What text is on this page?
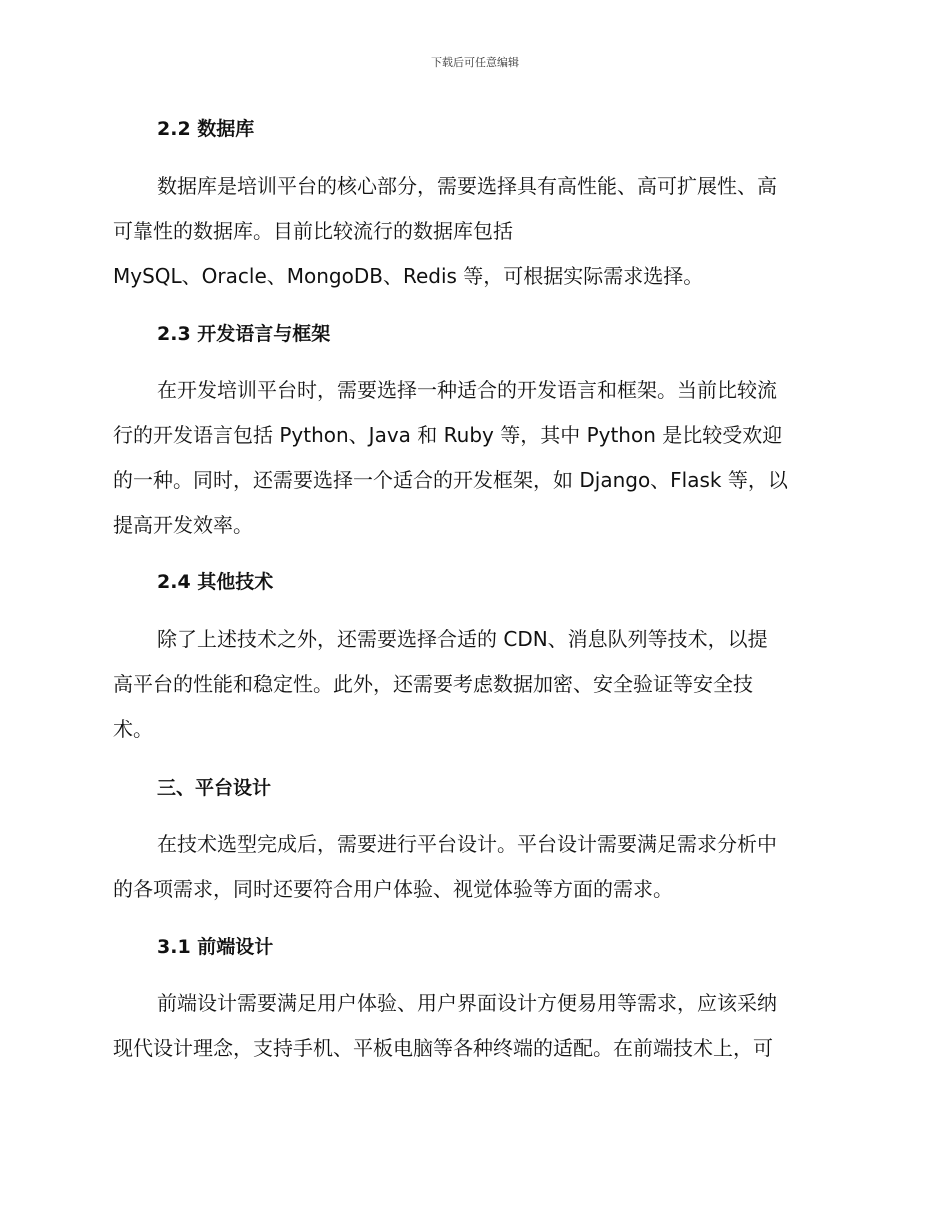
下载后可任意编辑
2.2 数据库
数据库是培训平台的核心部分，需要选择具有高性能、高可扩展性、高
可靠性的数据库。目前比较流行的数据库包括
MySQL、Oracle、MongoDB、Redis 等，可根据实际需求选择。
2.3 开发语言与框架
在开发培训平台时，需要选择一种适合的开发语言和框架。当前比较流
行的开发语言包括 Python、Java 和 Ruby 等，其中 Python 是比较受欢迎
的一种。同时，还需要选择一个适合的开发框架，如 Django、Flask 等，以
提高开发效率。
2.4 其他技术
除了上述技术之外，还需要选择合适的 CDN、消息队列等技术，以提
高平台的性能和稳定性。此外，还需要考虑数据加密、安全验证等安全技
术。
三、平台设计
在技术选型完成后，需要进行平台设计。平台设计需要满足需求分析中
的各项需求，同时还要符合用户体验、视觉体验等方面的需求。
3.1 前端设计
前端设计需要满足用户体验、用户界面设计方便易用等需求，应该采纳
现代设计理念，支持手机、平板电脑等各种终端的适配。在前端技术上，可
